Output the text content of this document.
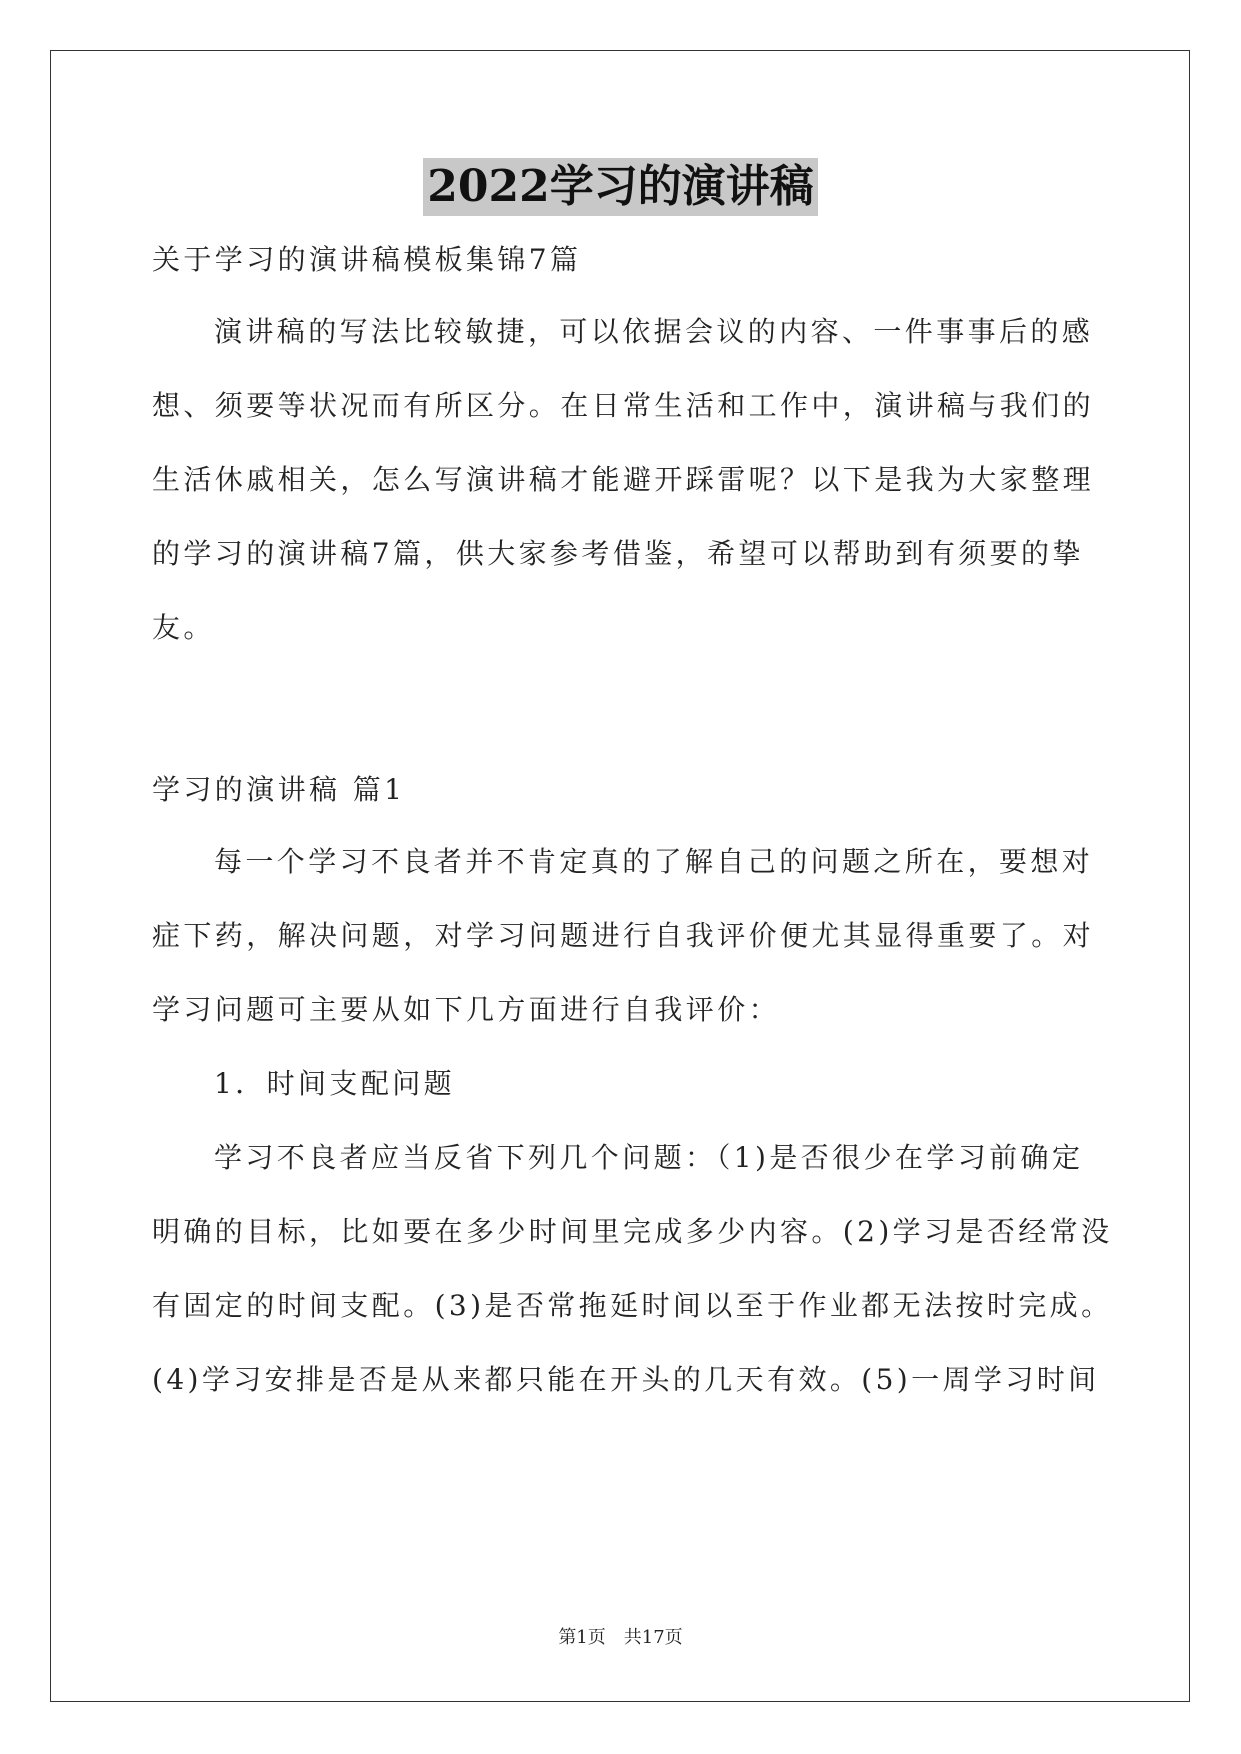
2022学习的演讲稿
关于学习的演讲稿模板集锦7篇
演讲稿的写法比较敏捷，可以依据会议的内容、一件事事后的感
想、须要等状况而有所区分。在日常生活和工作中，演讲稿与我们的
生活休戚相关，怎么写演讲稿才能避开踩雷呢？以下是我为大家整理
的学习的演讲稿7篇，供大家参考借鉴，希望可以帮助到有须要的挚
友。
学习的演讲稿 篇1
每一个学习不良者并不肯定真的了解自己的问题之所在，要想对
症下药，解决问题，对学习问题进行自我评价便尤其显得重要了。对
学习问题可主要从如下几方面进行自我评价：
1．时间支配问题
学习不良者应当反省下列几个问题：（1)是否很少在学习前确定
明确的目标，比如要在多少时间里完成多少内容。(2)学习是否经常没
有固定的时间支配。(3)是否常拖延时间以至于作业都无法按时完成。
(4)学习安排是否是从来都只能在开头的几天有效。(5)一周学习时间
第1页　共17页
